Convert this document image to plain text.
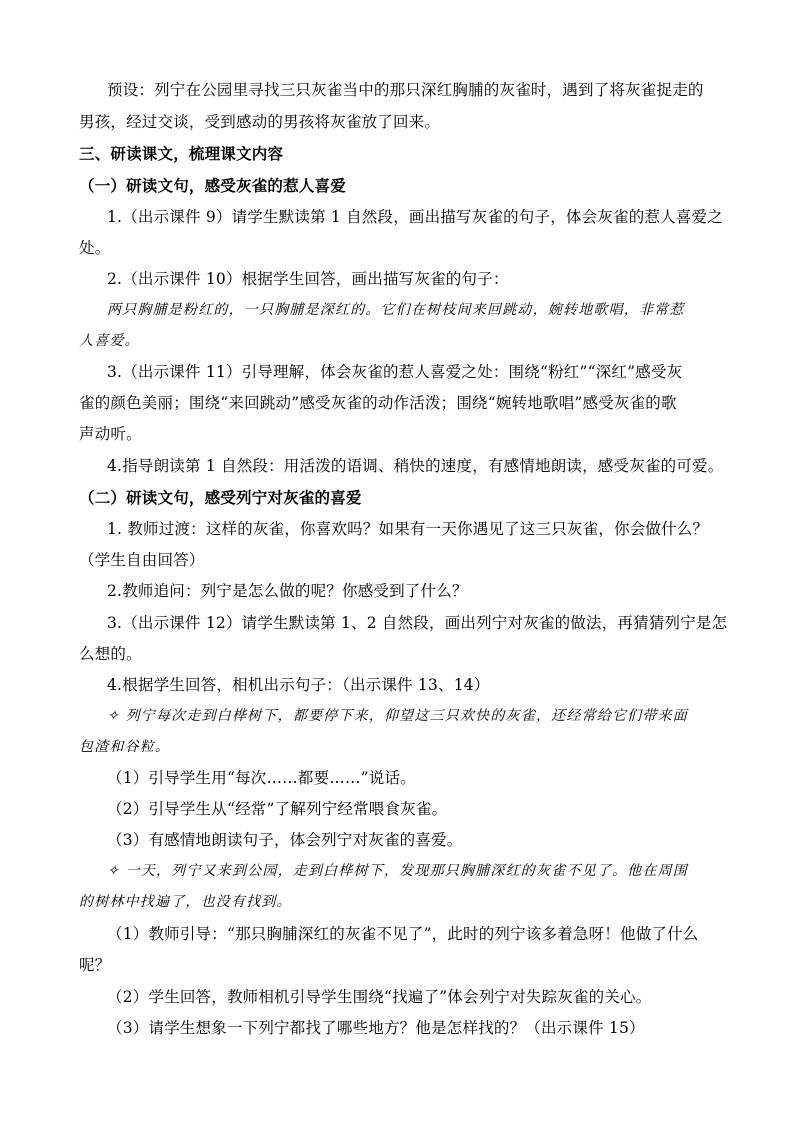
预设：列宁在公园里寻找三只灰雀当中的那只深红胸脯的灰雀时，遇到了将灰雀捉走的
男孩，经过交谈，受到感动的男孩将灰雀放了回来。
三、研读课文，梳理课文内容
（一）研读文句，感受灰雀的惹人喜爱
1.（出示课件 9）请学生默读第 1 自然段，画出描写灰雀的句子，体会灰雀的惹人喜爱之
处。
2.（出示课件 10）根据学生回答，画出描写灰雀的句子：
两只胸脯是粉红的，一只胸脯是深红的。它们在树枝间来回跳动，婉转地歌唱，非常惹
人喜爱。
3.（出示课件 11）引导理解，体会灰雀的惹人喜爱之处：围绕“粉红”“深红”感受灰
雀的颜色美丽；围绕“来回跳动”感受灰雀的动作活泼；围绕“婉转地歌唱”感受灰雀的歌
声动听。
4.指导朗读第 1 自然段：用活泼的语调、稍快的速度，有感情地朗读，感受灰雀的可爱。
（二）研读文句，感受列宁对灰雀的喜爱
1. 教师过渡：这样的灰雀，你喜欢吗？如果有一天你遇见了这三只灰雀，你会做什么？
（学生自由回答）
2.教师追问：列宁是怎么做的呢？你感受到了什么？
3.（出示课件 12）请学生默读第 1、2 自然段，画出列宁对灰雀的做法，再猜猜列宁是怎
么想的。
4.根据学生回答，相机出示句子：（出示课件 13、14）
✧ 列宁每次走到白桦树下，都要停下来，仰望这三只欢快的灰雀，还经常给它们带来面
包渣和谷粒。
（1）引导学生用“每次……都要……”说话。
（2）引导学生从“经常”了解列宁经常喂食灰雀。
（3）有感情地朗读句子，体会列宁对灰雀的喜爱。
✧ 一天，列宁又来到公园，走到白桦树下，发现那只胸脯深红的灰雀不见了。他在周围
的树林中找遍了，也没有找到。
（1）教师引导：“那只胸脯深红的灰雀不见了”，此时的列宁该多着急呀！他做了什么
呢？
（2）学生回答，教师相机引导学生围绕“找遍了”体会列宁对失踪灰雀的关心。
（3）请学生想象一下列宁都找了哪些地方？他是怎样找的？（出示课件 15）
